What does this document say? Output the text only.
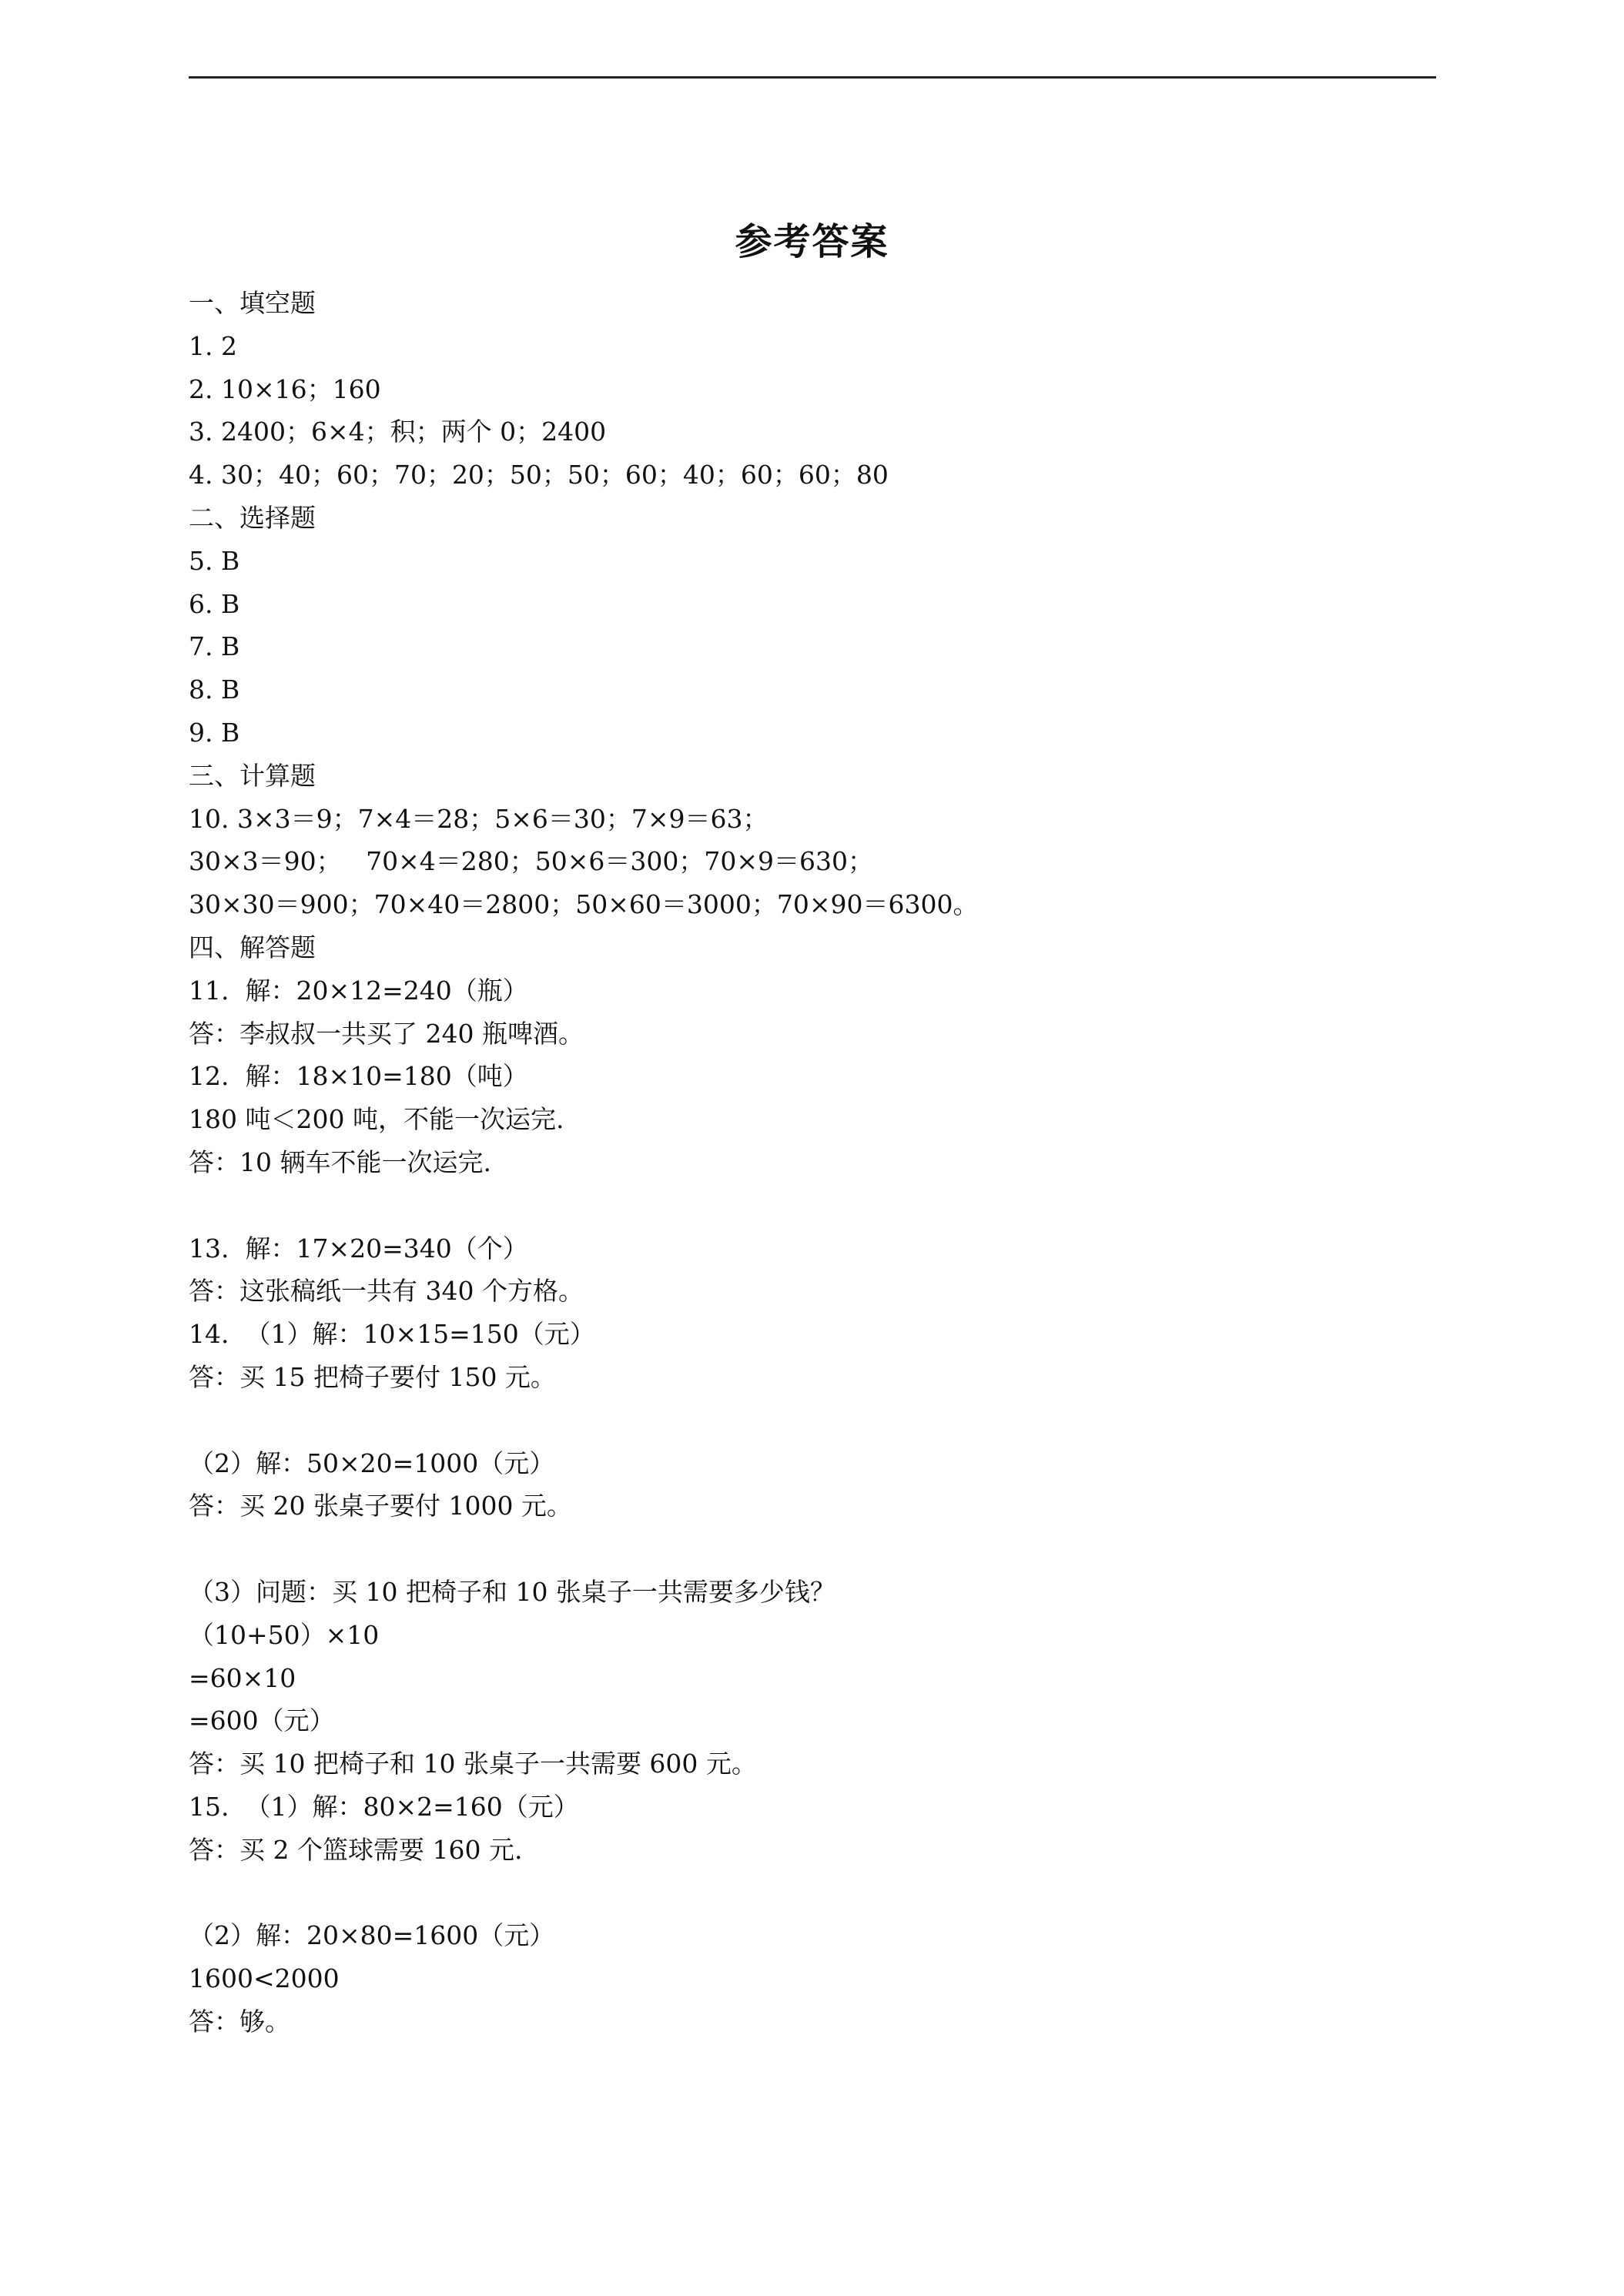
参考答案
一、填空题
1. 2
2. 10×16；160
3. 2400；6×4；积；两个 0；2400
4. 30；40；60；70；20；50；50；60；40；60；60；80
二、选择题
5. B
6. B
7. B
8. B
9. B
三、计算题
10. 3×3＝9；7×4＝28；5×6＝30；7×9＝63；
30×3＝90；   70×4＝280；50×6＝300；70×9＝630；
30×30＝900；70×40＝2800；50×60＝3000；70×90＝6300。
四、解答题
11.  解：20×12=240（瓶）
答：李叔叔一共买了 240 瓶啤酒。
12.  解：18×10=180（吨）
180 吨＜200 吨，不能一次运完.
答：10 辆车不能一次运完.
13.  解：17×20=340（个）
答：这张稿纸一共有 340 个方格。
14.  （1）解：10×15=150（元）
答：买 15 把椅子要付 150 元。
（2）解：50×20=1000（元）
答：买 20 张桌子要付 1000 元。
（3）问题：买 10 把椅子和 10 张桌子一共需要多少钱？
（10+50）×10
=60×10
=600（元）
答：买 10 把椅子和 10 张桌子一共需要 600 元。
15.  （1）解：80×2=160（元）
答：买 2 个篮球需要 160 元.
（2）解：20×80=1600（元）
1600<2000
答：够。
